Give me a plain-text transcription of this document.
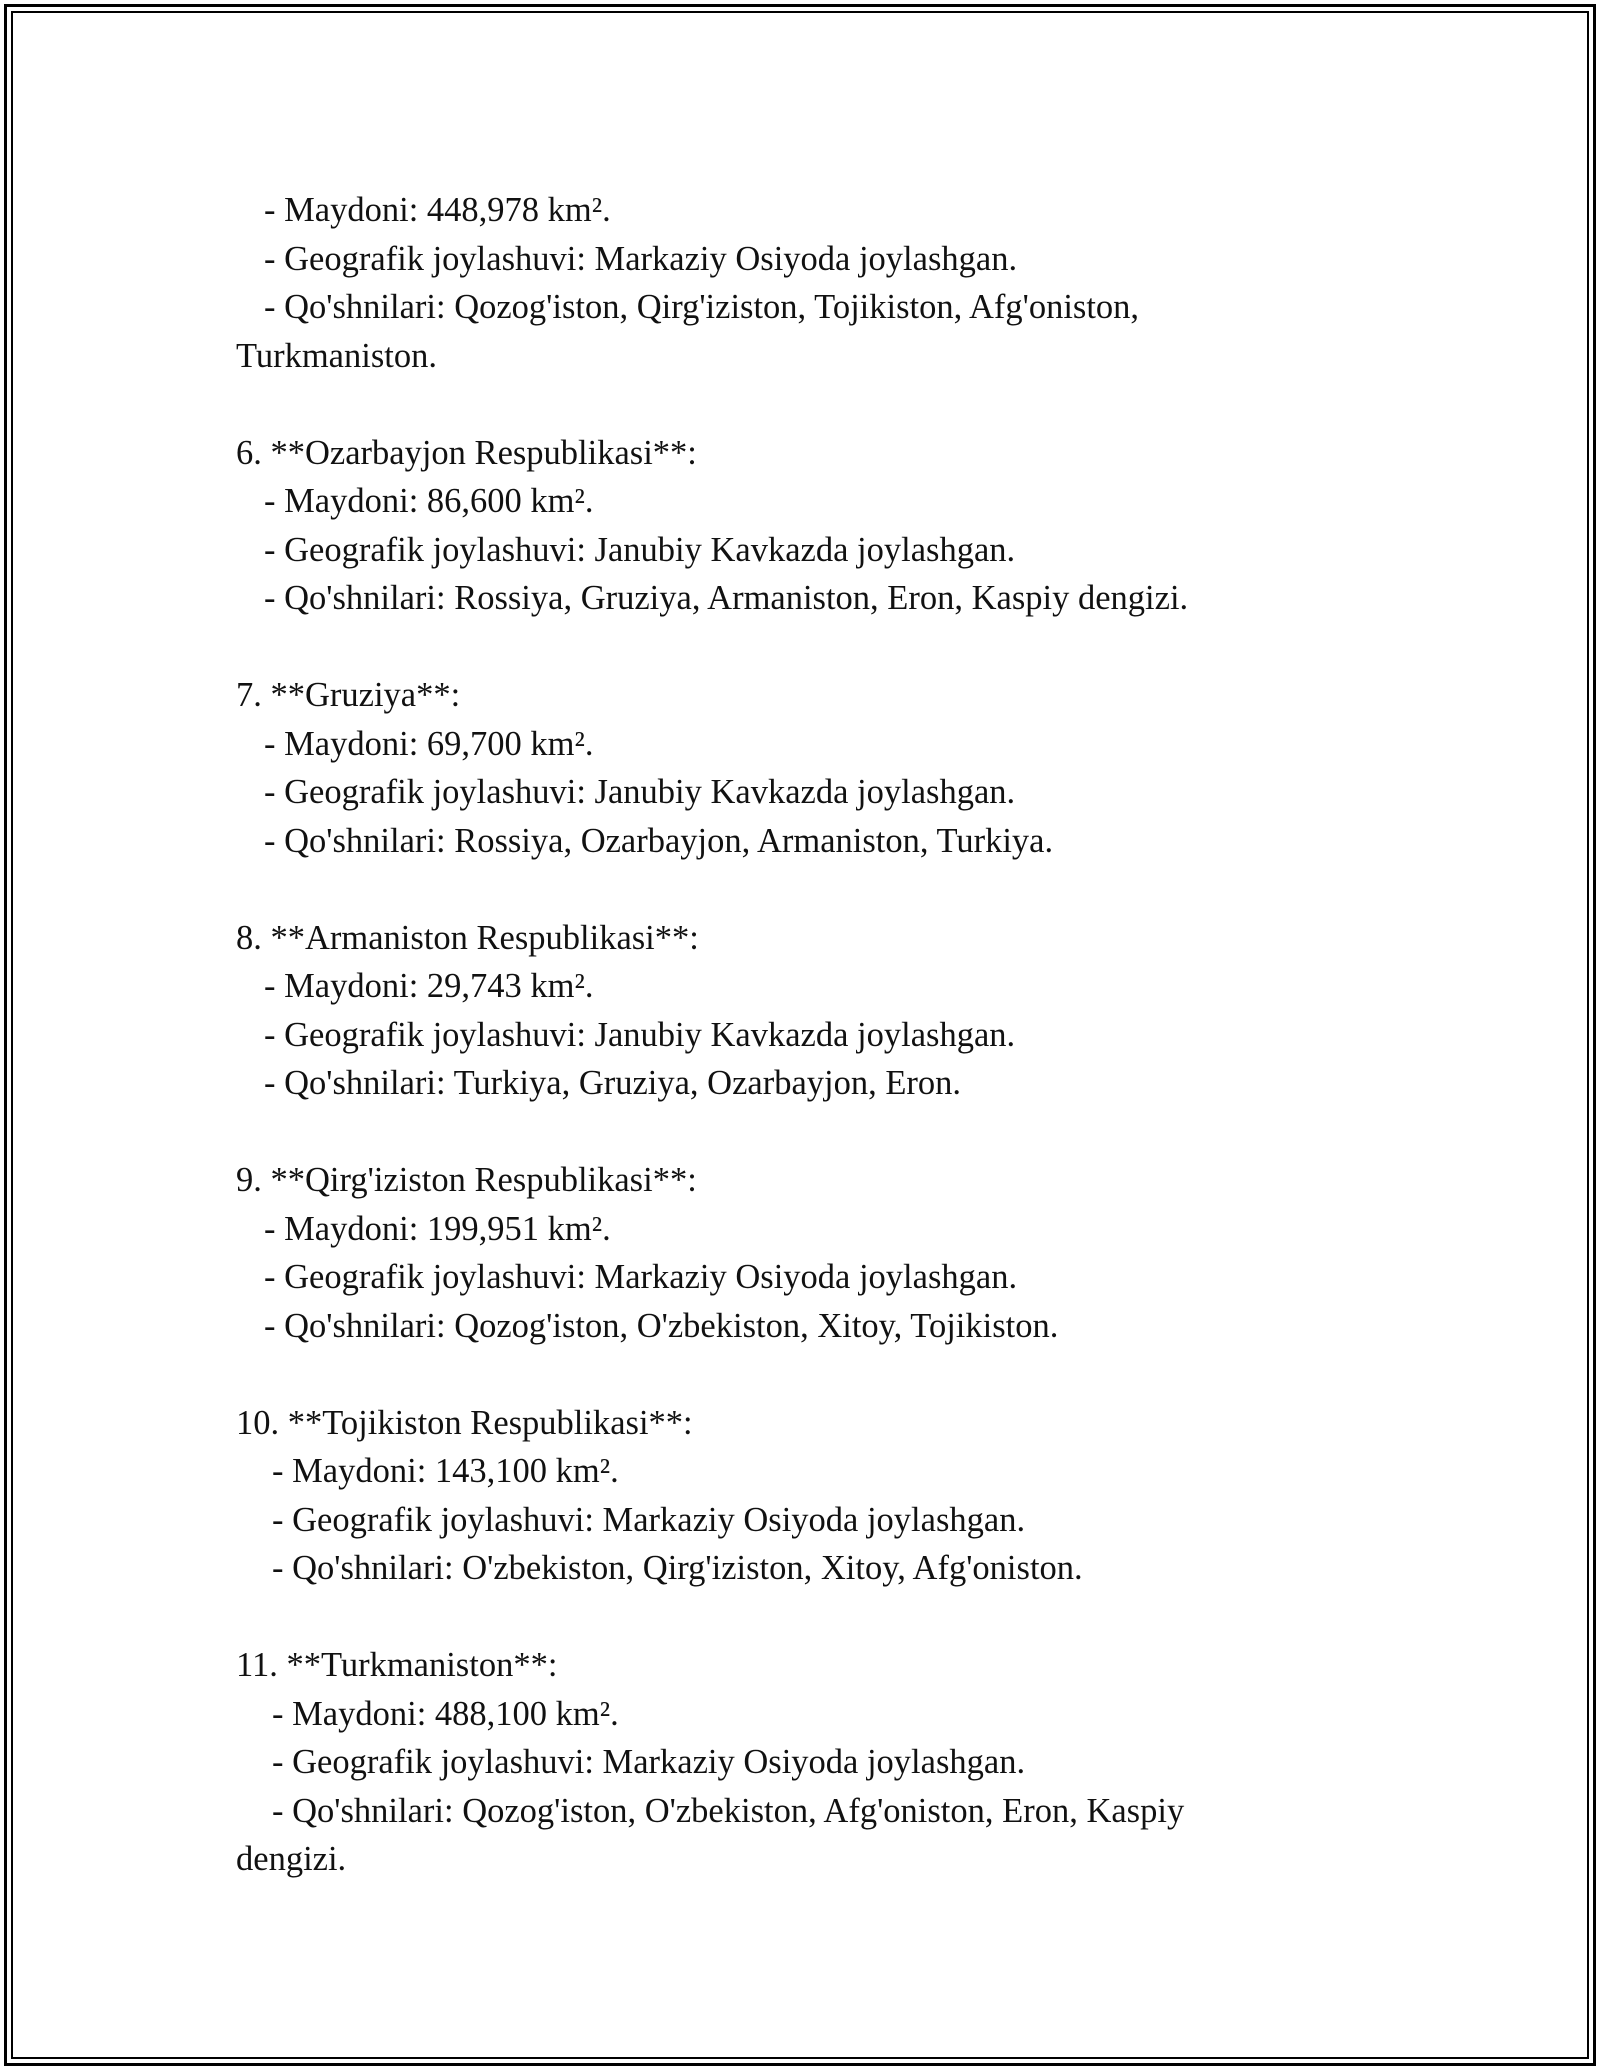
- Maydoni: 448,978 km².

- Geografik joylashuvi: Markaziy Osiyoda joylashgan.

- Qo'shnilari: Qozog'iston, Qirg'iziston, Tojikiston, Afg'oniston,

Turkmaniston.

6. **Ozarbayjon Respublikasi**:

- Maydoni: 86,600 km².

- Geografik joylashuvi: Janubiy Kavkazda joylashgan.

- Qo'shnilari: Rossiya, Gruziya, Armaniston, Eron, Kaspiy dengizi.

7. **Gruziya**:

- Maydoni: 69,700 km².

- Geografik joylashuvi: Janubiy Kavkazda joylashgan.

- Qo'shnilari: Rossiya, Ozarbayjon, Armaniston, Turkiya.

8. **Armaniston Respublikasi**:

- Maydoni: 29,743 km².

- Geografik joylashuvi: Janubiy Kavkazda joylashgan.

- Qo'shnilari: Turkiya, Gruziya, Ozarbayjon, Eron.

9. **Qirg'iziston Respublikasi**:

- Maydoni: 199,951 km².

- Geografik joylashuvi: Markaziy Osiyoda joylashgan.

- Qo'shnilari: Qozog'iston, O'zbekiston, Xitoy, Tojikiston.

10. **Tojikiston Respublikasi**:

- Maydoni: 143,100 km².

- Geografik joylashuvi: Markaziy Osiyoda joylashgan.

- Qo'shnilari: O'zbekiston, Qirg'iziston, Xitoy, Afg'oniston.

11. **Turkmaniston**:

- Maydoni: 488,100 km².

- Geografik joylashuvi: Markaziy Osiyoda joylashgan.

- Qo'shnilari: Qozog'iston, O'zbekiston, Afg'oniston, Eron, Kaspiy

dengizi.
